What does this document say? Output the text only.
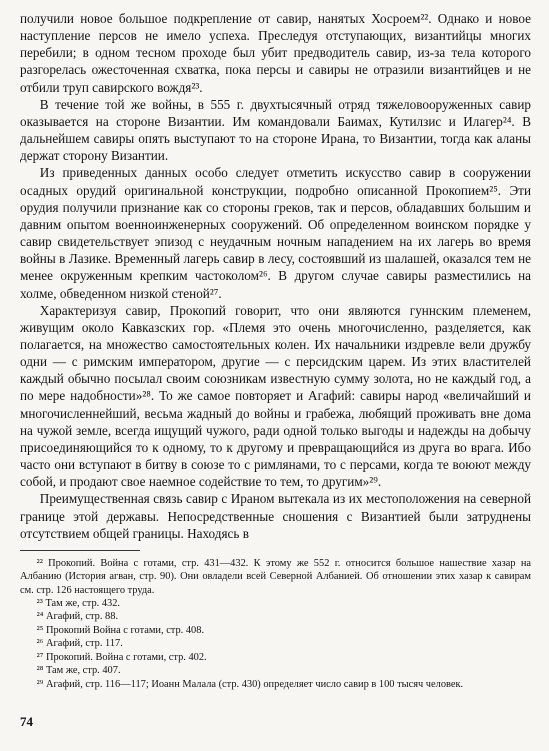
получили новое большое подкрепление от савир, нанятых Хосроем²². Однако и новое наступление персов не имело успеха. Преследуя отступающих, византийцы многих перебили; в одном тесном проходе был убит предводитель савир, из-за тела которого разгорелась ожесточенная схватка, пока персы и савиры не отразили византийцев и не отбили труп савирского вождя²³.

В течение той же войны, в 555 г. двухтысячный отряд тяжеловооруженных савир оказывается на стороне Византии. Им командовали Баимах, Кутилзис и Илагер²⁴. В дальнейшем савиры опять выступают то на стороне Ирана, то Византии, тогда как аланы держат сторону Византии.

Из приведенных данных особо следует отметить искусство савир в сооружении осадных орудий оригинальной конструкции, подробно описанной Прокопием²⁵. Эти орудия получили признание как со стороны греков, так и персов, обладавших большим и давним опытом военноинженерных сооружений. Об определенном воинском порядке у савир свидетельствует эпизод с неудачным ночным нападением на их лагерь во время войны в Лазике. Временный лагерь савир в лесу, состоявший из шалашей, оказался тем не менее окруженным крепким частоколом²⁶. В другом случае савиры разместились на холме, обведенном низкой стеной²⁷.

Характеризуя савир, Прокопий говорит, что они являются гуннским племенем, живущим около Кавказских гор. «Племя это очень многочисленно, разделяется, как полагается, на множество самостоятельных колен. Их начальники издревле вели дружбу одни — с римским императором, другие — с персидским царем. Из этих властителей каждый обычно посылал своим союзникам известную сумму золота, но не каждый год, а по мере надобности»²⁸. То же самое повторяет и Агафий: савиры народ «величайший и многочисленнейший, весьма жадный до войны и грабежа, любящий проживать вне дома на чужой земле, всегда ищущий чужого, ради одной только выгоды и надежды на добычу присоединяющийся то к одному, то к другому и превращающийся из друга во врага. Ибо часто они вступают в битву в союзе то с римлянами, то с персами, когда те воюют между собой, и продают свое наемное содействие то тем, то другим»²⁹.

Преимущественная связь савир с Ираном вытекала из их местоположения на северной границе этой державы. Непосредственные сношения с Византией были затруднены отсутствием общей границы. Находясь в

²² Прокопий. Война с готами, стр. 431—432. К этому же 552 г. относится большое нашествие хазар на Албанию (История агван, стр. 90). Они овладели всей Северной Албанией. Об отношении этих хазар к савирам см. стр. 126 настоящего труда.

²³ Там же, стр. 432.

²⁴ Агафий, стр. 88.

²⁵ Прокопий Война с готами, стр. 408.

²⁶ Агафий, стр. 117.

²⁷ Прокопий. Война с готами, стр. 402.

²⁸ Там же, стр. 407.

²⁹ Агафий, стр. 116—117; Иоанн Малала (стр. 430) определяет число савир в 100 тысяч человек.

74
